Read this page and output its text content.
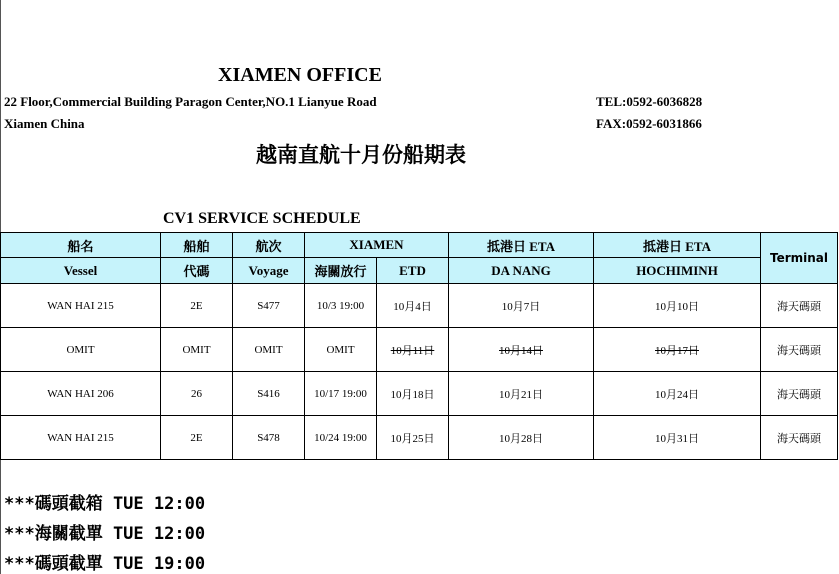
XIAMEN OFFICE
22 Floor,Commercial Building Paragon Center,NO.1 Lianyue Road
Xiamen China
TEL:0592-6036828
FAX:0592-6031866
越南直航十月份船期表
CV1 SERVICE SCHEDULE
船名	船舶	航次	XIAMEN		抵港日 ETA	抵港日 ETA	Terminal
Vessel	代碼	Voyage	海關放行	ETD	DA NANG	HOCHIMINH	
WAN HAI 215	2E	S477	10/3 19:00	10月4日	10月7日	10月10日	海天碼頭
OMIT	OMIT	OMIT	OMIT	10月11日	10月14日	10月17日	海天碼頭
WAN HAI 206	26	S416	10/17 19:00	10月18日	10月21日	10月24日	海天碼頭
WAN HAI 215	2E	S478	10/24 19:00	10月25日	10月28日	10月31日	海天碼頭
***碼頭截箱 TUE 12:00
***海關截單 TUE 12:00
***碼頭截單 TUE 19:00
